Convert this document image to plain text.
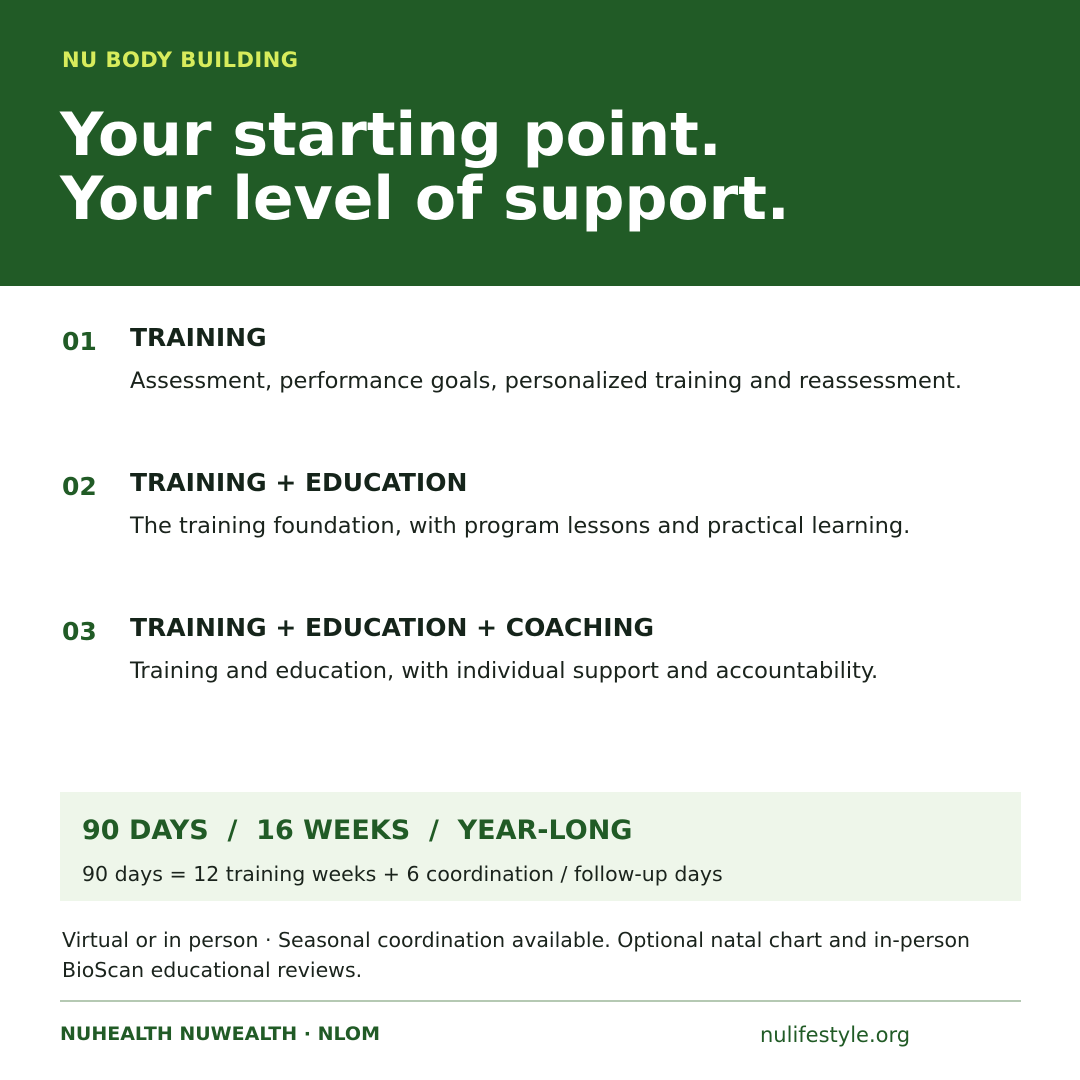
NU BODY BUILDING
Your starting point.
Your level of support.
01 TRAINING
Assessment, performance goals, personalized training and reassessment.
02 TRAINING + EDUCATION
The training foundation, with program lessons and practical learning.
03 TRAINING + EDUCATION + COACHING
Training and education, with individual support and accountability.
90 DAYS  /  16 WEEKS  /  YEAR-LONG
90 days = 12 training weeks + 6 coordination / follow-up days
Virtual or in person · Seasonal coordination available. Optional natal chart and in-person BioScan educational reviews.
NUHEALTH NUWEALTH · NLOM	nulifestyle.org
